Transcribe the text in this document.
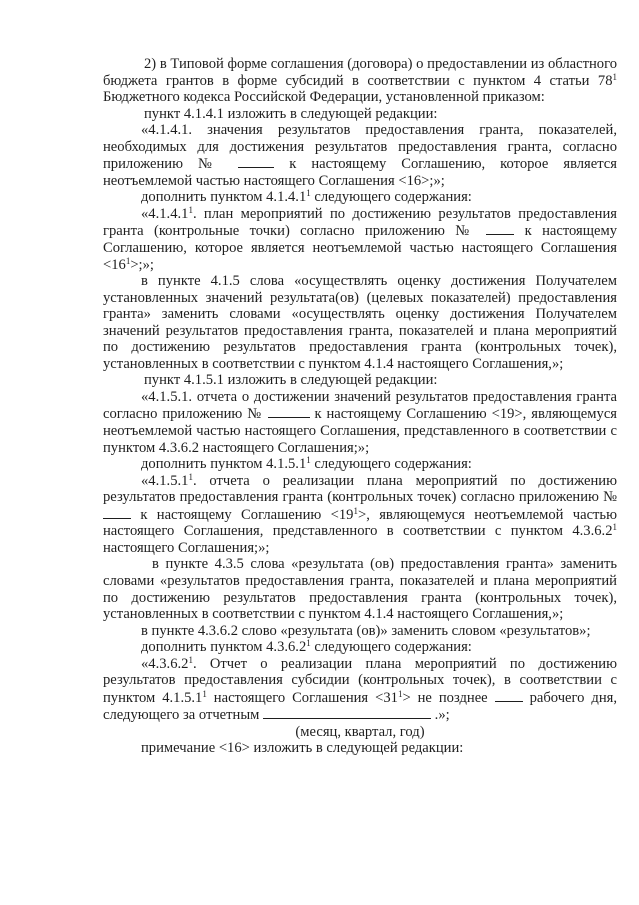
2) в Типовой форме соглашения (договора) о предоставлении из областного бюджета грантов в форме субсидий в соответствии с пунктом 4 статьи $78^1$ Бюджетного кодекса Российской Федерации, установленной приказом:

пункт 4.1.4.1 изложить в следующей редакции:

«4.1.4.1. значения результатов предоставления гранта, показателей, необходимых для достижения результатов предоставления гранта, согласно приложению №	к настоящему Соглашению, которое является неотъемлемой частью настоящего Соглашения <16>;»;

дополнить пунктом 4.1.4.1$^1$ следующего содержания:

«4.1.4.1$^1$. план мероприятий по достижению результатов предоставления гранта (контрольные точки) согласно приложению №	к настоящему Соглашению, которое является неотъемлемой частью настоящего Соглашения $<16^1>$;»;

в пункте 4.1.5 слова «осуществлять оценку достижения Получателем установленных значений результата(ов) (целевых показателей) предоставления гранта» заменить словами «осуществлять оценку достижения Получателем значений результатов предоставления гранта, показателей и плана мероприятий по достижению результатов предоставления гранта (контрольных точек), установленных в соответствии с пунктом 4.1.4 настоящего Соглашения,»;

пункт 4.1.5.1 изложить в следующей редакции:

«4.1.5.1. отчета о достижении значений результатов предоставления гранта согласно приложению №	к настоящему Соглашению <19>, являющемуся неотъемлемой частью настоящего Соглашения, представленного в соответствии с пунктом 4.3.6.2 настоящего Соглашения;»;

дополнить пунктом 4.1.5.1$^1$ следующего содержания:

«4.1.5.1$^1$. отчета о реализации плана мероприятий по достижению результатов предоставления гранта (контрольных точек) согласно приложению №  к настоящему Соглашению $<19^1>$, являющемуся неотъемлемой частью настоящего Соглашения, представленного в соответствии с пунктом 4.3.6.2$^1$ настоящего Соглашения;»;

в пункте 4.3.5 слова «результата (ов) предоставления гранта» заменить словами «результатов предоставления гранта, показателей и плана мероприятий по достижению результатов предоставления гранта (контрольных точек), установленных в соответствии с пунктом 4.1.4 настоящего Соглашения,»;

в пункте 4.3.6.2 слово «результата (ов)» заменить словом «результатов»;

дополнить пунктом 4.3.6.2$^1$ следующего содержания:

«4.3.6.2$^1$. Отчет о реализации плана мероприятий по достижению результатов предоставления субсидии (контрольных точек), в соответствии с пунктом 4.1.5.1$^1$ настоящего Соглашения $<31^1>$ не позднее  рабочего дня, следующего за отчетным	.»;

(месяц, квартал, год)

примечание <16> изложить в следующей редакции:
